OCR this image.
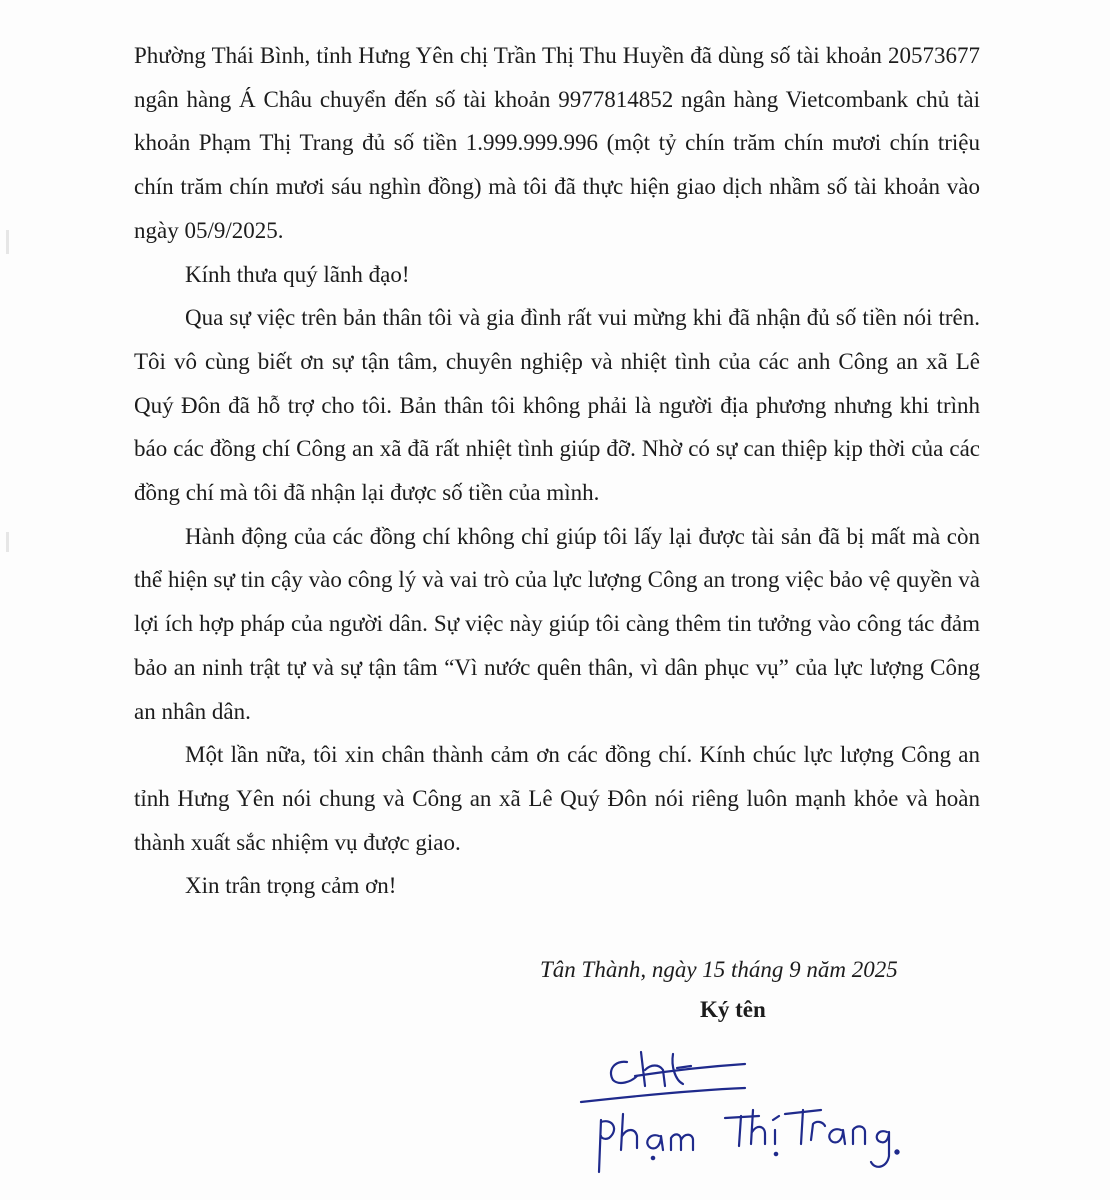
Phường Thái Bình, tỉnh Hưng Yên chị Trần Thị Thu Huyền đã dùng số tài khoản 20573677 ngân hàng Á Châu chuyển đến số tài khoản 9977814852 ngân hàng Vietcombank chủ tài khoản Phạm Thị Trang đủ số tiền 1.999.999.996 (một tỷ chín trăm chín mươi chín triệu chín trăm chín mươi sáu nghìn đồng) mà tôi đã thực hiện giao dịch nhầm số tài khoản vào ngày 05/9/2025.

Kính thưa quý lãnh đạo!

Qua sự việc trên bản thân tôi và gia đình rất vui mừng khi đã nhận đủ số tiền nói trên. Tôi vô cùng biết ơn sự tận tâm, chuyên nghiệp và nhiệt tình của các anh Công an xã Lê Quý Đôn đã hỗ trợ cho tôi. Bản thân tôi không phải là người địa phương nhưng khi trình báo các đồng chí Công an xã đã rất nhiệt tình giúp đỡ. Nhờ có sự can thiệp kịp thời của các đồng chí mà tôi đã nhận lại được số tiền của mình.

Hành động của các đồng chí không chỉ giúp tôi lấy lại được tài sản đã bị mất mà còn thể hiện sự tin cậy vào công lý và vai trò của lực lượng Công an trong việc bảo vệ quyền và lợi ích hợp pháp của người dân. Sự việc này giúp tôi càng thêm tin tưởng vào công tác đảm bảo an ninh trật tự và sự tận tâm “Vì nước quên thân, vì dân phục vụ” của lực lượng Công an nhân dân.

Một lần nữa, tôi xin chân thành cảm ơn các đồng chí. Kính chúc lực lượng Công an tỉnh Hưng Yên nói chung và Công an xã Lê Quý Đôn nói riêng luôn mạnh khỏe và hoàn thành xuất sắc nhiệm vụ được giao.

Xin trân trọng cảm ơn!

Tân Thành, ngày 15 tháng 9 năm 2025

Ký tên
